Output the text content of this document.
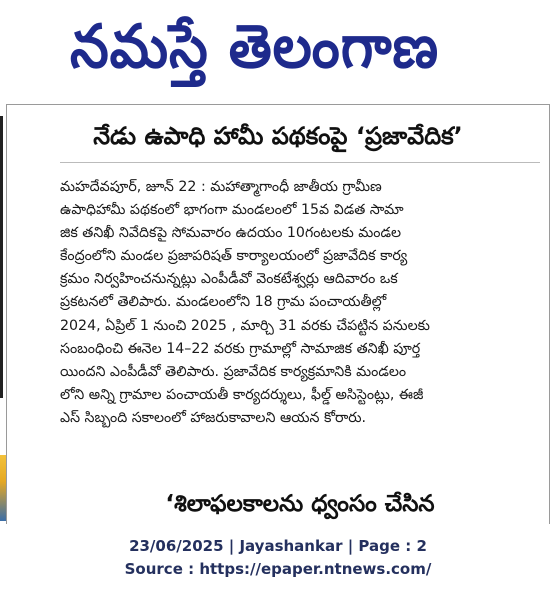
నమస్తే తెలంగాణ
నేడు ఉపాధి హామీ పథకంపై ‘ప్రజావేదిక’
మహదేవపూర్, జూన్ 22 : మహాత్మాగాంధీ జాతీయ గ్రామీణ
ఉపాధిహామీ పథకంలో భాగంగా మండలంలో 15వ విడత సామా
జిక తనిఖీ నివేదికపై సోమవారం ఉదయం 10గంటలకు మండల
కేంద్రంలోని మండల ప్రజాపరిషత్ కార్యాలయంలో ప్రజావేదిక కార్య
క్రమం నిర్వహించనున్నట్లు ఎంపీడీవో వెంకటేశ్వర్లు ఆదివారం ఒక
ప్రకటనలో తెలిపారు. మండలంలోని 18 గ్రామ పంచాయతీల్లో
2024, ఏప్రిల్ 1 నుంచి 2025 , మార్చి 31 వరకు చేపట్టిన పనులకు
సంబంధించి ఈనెల 14–22 వరకు గ్రామాల్లో సామాజిక తనిఖీ పూర్త
యిందని ఎంపీడీవో తెలిపారు. ప్రజావేదిక కార్యక్రమానికి మండలం
లోని అన్ని గ్రామాల పంచాయతీ కార్యదర్శులు, ఫీల్డ్ అసిస్టెంట్లు, ఈజీ
ఎస్ సిబ్బంది సకాలంలో హాజరుకావాలని ఆయన కోరారు.
‘శిలాఫలకాలను ధ్వంసం చేసిన
23/06/2025 | Jayashankar | Page : 2
Source : https://epaper.ntnews.com/
